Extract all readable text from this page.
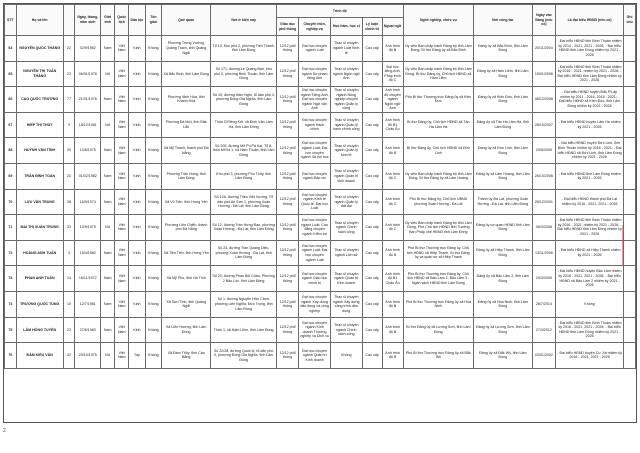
STT	Họ và tên		Ngày, tháng, năm sinh	Giới tính	Quốc tịch	Dân tộc	Tôn giáo	Quê quán	Nơi ở hiện nay	Trình độ					Nghề nghiệp, chức vụ	Nơi công tác	Ngày vào Đảng (nếu có)	Là đại biểu HĐND (nếu có)	Ghi chú
										Giáo dục phổ thông	Chuyên môn, nghiệp vụ	Học hàm, học vị	Lý luận chính trị	Ngoại ngữ					
64	NGUYỄN QUỐC THẮNG	22	02/9/1982	Nam	Việt Nam	Kinh	Không	Phường Trưng Vương, Quảng Trạch, tỉnh Quảng Ngãi	Tổ 10, Khu phố 2, phường Tiến Thành, tỉnh Lâm Đồng	12/12 phổ thông	Đại học chuyên ngành Luật	Thạc sĩ chuyên ngành Luật Kinh tế	Cao cấp	Anh trình độ B	Ủy viên Ban chấp hành Đảng bộ tỉnh Lâm Đồng, Bí thư Đảng ủy xã Bắc Bình	Đảng ủy xã Bắc Bình, tỉnh Lâm Đồng	20/11/2004	- Đại biểu HĐND tỉnh Bình Thuận nhiệm kỳ 2014 - 2021, 2021 - 2026; - Đại biểu HĐND tỉnh Lâm Đồng nhiệm kỳ 2021 - 2026	
65	NGUYỄN THỊ TUẤN THẮNG	23	06/01/1978	Nữ	Việt Nam	Kinh	Không	Xã Bắc Bình, tỉnh Lâm Đồng	Số 171, đường Lê Quang Bạn, khu phố 5, phường Bình Thuận, tỉnh Lâm Đồng	12/12 phổ thông	Đại học chuyên ngành Sư phạm tiếng Anh	Thạc sĩ chuyên ngành Ngôn ngữ Anh	Cao cấp	Đại học tiếng Anh, Pháp trình độ C	Ủy viên Ban chấp hành Đảng bộ tỉnh Lâm Đồng, Bí thư Đảng ủy, Chủ tịch HĐND xã Hàm Liêm	Đảng ủy xã Hàm Liêm, tỉnh Lâm Đồng	15/01/2006	- Đại biểu HĐND tỉnh Bình Thuận nhiệm kỳ 2016 - 2021, nhiệm kỳ 2021 - 2026; - Đại biểu HĐND tỉnh Lâm Đồng nhiệm kỳ 2021 - 2026	
66	CAO QUỐC TRƯỜNG	77	21/01/1978	Nam	Việt Nam	Kinh	Không	Phường Ninh Hòa, tỉnh Khánh Hòa	Số 15, đường Hàm Nghi, tổ dân phố 4, phường Đông Gia Nghĩa, tỉnh Lâm Đồng	12/12 phổ thông	Đại học chuyên ngành Tiếng Anh, Đại học chuyên ngành Ngữ văn Anh	Thạc sĩ chuyên ngành Nông nghiệp chuyên ngành Quản lý công	Cao cấp	Anh trình độ chuyên ngành Ngôn ngữ Anh	Phó Bí thư Thường trực Đảng ủy xã Kiến Đức	Đảng ủy xã Kiến Đức, tỉnh Lâm Đồng	06/12/2008	- Đại biểu HĐND huyện Đắk R'Lấp nhiệm kỳ 2011 - 2016, 2016 - 2021; - Đại biểu HĐND xã Kiến Đức, tỉnh Lâm Đồng nhiệm kỳ 2021 - 2026	
67	HIẾP THỊ THÙY	9	18/12/1981	Nữ	Việt Nam	Kinh	Không	Phường Đà Mới, tỉnh Đắk Lắk	Thôn D'Riêng Kết, xã Đinh Văn Lâm Hà, tỉnh Lâm Đồng	12/12 phổ thông	Đại học chuyên ngành Hành chính	Thạc sĩ chuyên ngành Quản lý hành chính công	Cao cấp	Anh trình độ B1 Châu Âu	Bí thư Đảng ủy, Chủ tịch HĐND xã Tân Hà Lâm Hà	Đảng ủy xã Tân Hà Lâm Hà, tỉnh Lâm Đồng	28/10/2007	- Đại biểu HĐND huyện Lâm Hà nhiệm kỳ 2021 - 2026	
68	HUỲNH VĂN TÌNH	29	10/8/1975	Nam	Việt Nam	Kinh	Không	Xã Mỹ Thành, thành phố Đà Nẵng	Số 205, đường Mê Pu Pa Kai, Tổ 8, thôn MH'Ia 1, xã Hàm Thuận, tỉnh Lâm Đồng	12/12 phổ thông	Đại học chuyên ngành Luật; Đại học chuyên ngành Xã hội học	Thạc sĩ chuyên ngành Quản lý kinh tế	Cao cấp	Anh trình độ B	Bí thư Đảng ủy, Chủ tịch HĐND xã Đức Linh	Đảng ủy xã Đức Linh, tỉnh Lâm Đồng	20/5/2005	- Đại biểu HĐND huyện Đức Linh, tỉnh Bình Thuận nhiệm kỳ 2016 - 2021; - Đại biểu HĐND xã Đức Linh, tỉnh Lâm Đồng nhiệm kỳ 2021 - 2026	
69	TRẦN ĐÌNH TOÀN	20	01/02/1982	Nam	Việt Nam	Kinh	Không	Phường Trần Hưng, tỉnh Lâm Đồng	Khu phố 3, phường Phú Thủy, tỉnh Lâm Đồng	12/12 phổ thông	Đại học chuyên ngành Bảo chí	Thạc sĩ chuyên ngành Quản trị kinh doanh	Cao cấp	Anh trình độ C	Ủy viên Ban chấp hành Đảng bộ tỉnh Lâm Đồng, Bí thư Đảng ủy xã Lâm Hoàng	Đảng ủy xã Lâm Hoàng, tỉnh Lâm Đồng	26/10/2006	- Đại biểu HĐND tỉnh Lâm Đồng nhiệm kỳ 2021 - 2026	
70	LƯU VĂN TRUNG	38	16/9/1974	Nam	Việt Nam	Kinh	Không	Xã Vũ Tiến, tỉnh Hưng Yên	Số 12A, đường Triệu Việt Vương, Tổ dân phố An Sơn 1, phường Xuân Hương - Đà Lạt, tỉnh Lâm Đồng	12/12 phổ thông	Đại học chuyên ngành Kinh tế Quốc tế, Đại học Luật	Thạc sĩ chuyên ngành Quản lý đất đai	Cao cấp	Anh trình độ C	Phó Bí thư Đảng ủy, Chủ tịch UBND phường Xuân Hương - Đà Lạt	Thành ủy Đà Lạt, phường Xuân Hương - Đà Lạt, tỉnh Lâm Đồng	25/12/2001	- Đại biểu HĐND thành phố Đà Lạt nhiệm kỳ 2016 - 2021, 2021 - 2026	
71	MAI THỊ XUÂN TRUNG	33	12/9/1975	Nữ	Việt Nam	Kinh	Không	Phường Liên Chiểu, thành phố Đà Nẵng	Số 12, đường Trần Hưng Đạo, phường Xuân Hương - Đà Lạt, tỉnh Lâm Đồng	12/12 phổ thông	Đại học chuyên ngành Luật; Cao đẳng chuyên ngành Kiểm tra	Thạc sĩ chuyên ngành Chính sách công	Cao cấp	Anh trình độ C	Ủy viên Ban chấp hành Đảng bộ tỉnh Lâm Đồng, Phó Chủ tịch HĐND tỉnh Trưởng Ban Pháp chế HĐND tỉnh Lâm Đồng	Đảng ủy cơ quan HĐND tỉnh Lâm Đồng	06/3/2008	- Đại biểu HĐND tỉnh Bình Thuận nhiệm kỳ 2016 - 2021, nhiệm kỳ 2021 - 2026; - Đại biểu HĐND tỉnh Lâm Đồng nhiệm kỳ 2021 - 2026	
72	HOÀNG ANH TUẤN	4	15/4/1982	Nam	Việt Nam	Kinh	Không	Xã Tiên Tiến, tỉnh Hưng Yên	Số 24, đường Trần Quang Diệu, phường Xuân Hương - Đà Lạt, tỉnh Lâm Đồng	12/12 phổ thông	Đại học chuyên ngành Luật; Đại học chuyên ngành Luật	Thạc sĩ chuyên ngành Lịch sử	Cao cấp	Anh trình độ B	Phó Bí thư Thường trực Đảng ủy, Chủ tịch HĐND xã Hiệp Thạnh, Bí thư Đảng ủy và quân sự xã Hiệp Thạnh	Đảng ủy xã Hiệp Thạnh, tỉnh Lâm Đồng	13/11/2008	- Đại biểu HĐND xã Hiệp Thạnh nhiệm kỳ 2021 - 2026	
73	PHAN ANH TUẤN	13	16/11/1972	Nam	Việt Nam	Kinh	Không	Xã Mỹ Phú, tỉnh Hà Tĩnh	Số 20, đường Phan Bội Châu, Phường 2 Bảo Lộc, tỉnh Lâm Đồng	12/12 phổ thông	Đại học chuyên ngành Giáo dục chính trị	Thạc sĩ chuyên ngành Quản trị Kinh doanh	Cao cấp	Anh trình độ B1 Châu Âu	Phó Bí thư Thường trực Đảng ủy, Chủ tịch HĐND xã Bảo Lâm 2, Bảo Lâm 3 - Ngân sách HĐND tỉnh Lâm Đồng	Đảng ủy xã Bảo Lâm 2, tỉnh Lâm Đồng	20/3/2005	- Đại biểu HĐND huyện Bảo Lâm nhiệm kỳ 2016 - 2021, 2021 - 2026; - Đại biểu HĐND xã Bảo Lâm 2 nhiệm kỳ 2021 - 2026	
74	TRƯƠNG QUỐC TÙNG	10	12/7/1981	Nam	Việt Nam	Kinh	Không	Xã Sơn Tịnh, tỉnh Quảng Ngãi	Số 1, đường Nguyễn Hữu Cảnh, phường Liên Nghĩa, Đức Trọng, tỉnh Lâm Đồng	12/12 phổ thông	Đại học chuyên ngành Xây dựng dân dụng và công nghiệp	Thạc sĩ chuyên ngành Xây dựng công trình dân dụng	Cao cấp	Anh trình độ B	Phó Bí thư Thường trực Đảng ủy xã Hòa Ninh	Đảng ủy xã Hòa Ninh, tỉnh Lâm Đồng	26/7/2014	Không	
75	LÂM HỒNG TUYẾN	23	27/6/1983	Nam	Việt Nam	Kinh	Không	Xã Liên Hương, tỉnh Lâm Đồng	Thôn 1, xã Hàm Liêm, tỉnh Lâm Đồng	12/12 phổ thông	Đại học chuyên ngành Kinh doanh Thương nghiệp và Dịch vụ	Thạc sĩ chuyên ngành Chính sách công	Cao cấp	Anh trình độ B	Bí thư Đảng ủy xã Lương Sơn, tỉnh Lâm Đồng	Đảng ủy xã Lương Sơn, tỉnh Lâm Đồng	27/3/2012	- Đại biểu HĐND tỉnh Bình Thuận nhiệm kỳ 2016 - 2021, 2021 - 2026; - Đại biểu HĐND tỉnh Lâm Đồng nhiệm kỳ 2021 - 2026	
76	ĐẢM KIỀU VÂN	32	20/10/1975	Nữ	Việt Nam	Tày	Không	Xã Đàm Thủy, tỉnh Cao Bằng	Số 22/28, đường Quốc lộ, tổ dân phố 9, phường Đông Gia Nghĩa, tỉnh Lâm Đồng	12/12 phổ thông	Đại học chuyên ngành Quản trị Kinh doanh	Không	Cao cấp	Anh trình độ B	Phó Bí thư Thường trực Đảng ủy xã Đắk Wil	Đảng ủy xã Đắk Wil, tỉnh Lâm Đồng	03/01/2002	- Đại biểu HĐND huyện Cư Jút nhiệm kỳ 2016 - 2021, 2021 - 2026	
2
